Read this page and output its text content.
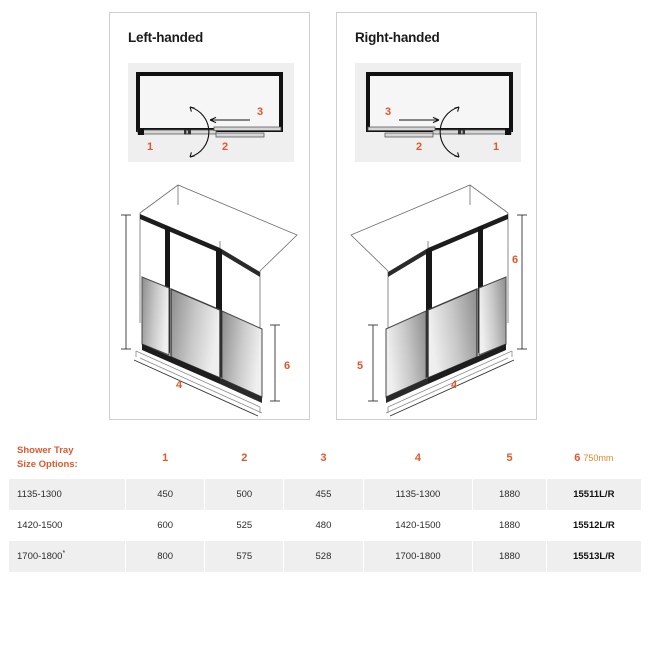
Left-handed
1	2
3
4
6
Right-handed
3
2	1
5
4
6
Shower Tray
Size Options:	1	2	3	4	5	6 750mm
1135-1300	450	500	455	1135-1300	1880	15511L/R
1420-1500	600	525	480	1420-1500	1880	15512L/R
1700-1800*	800	575	528	1700-1800	1880	15513L/R
